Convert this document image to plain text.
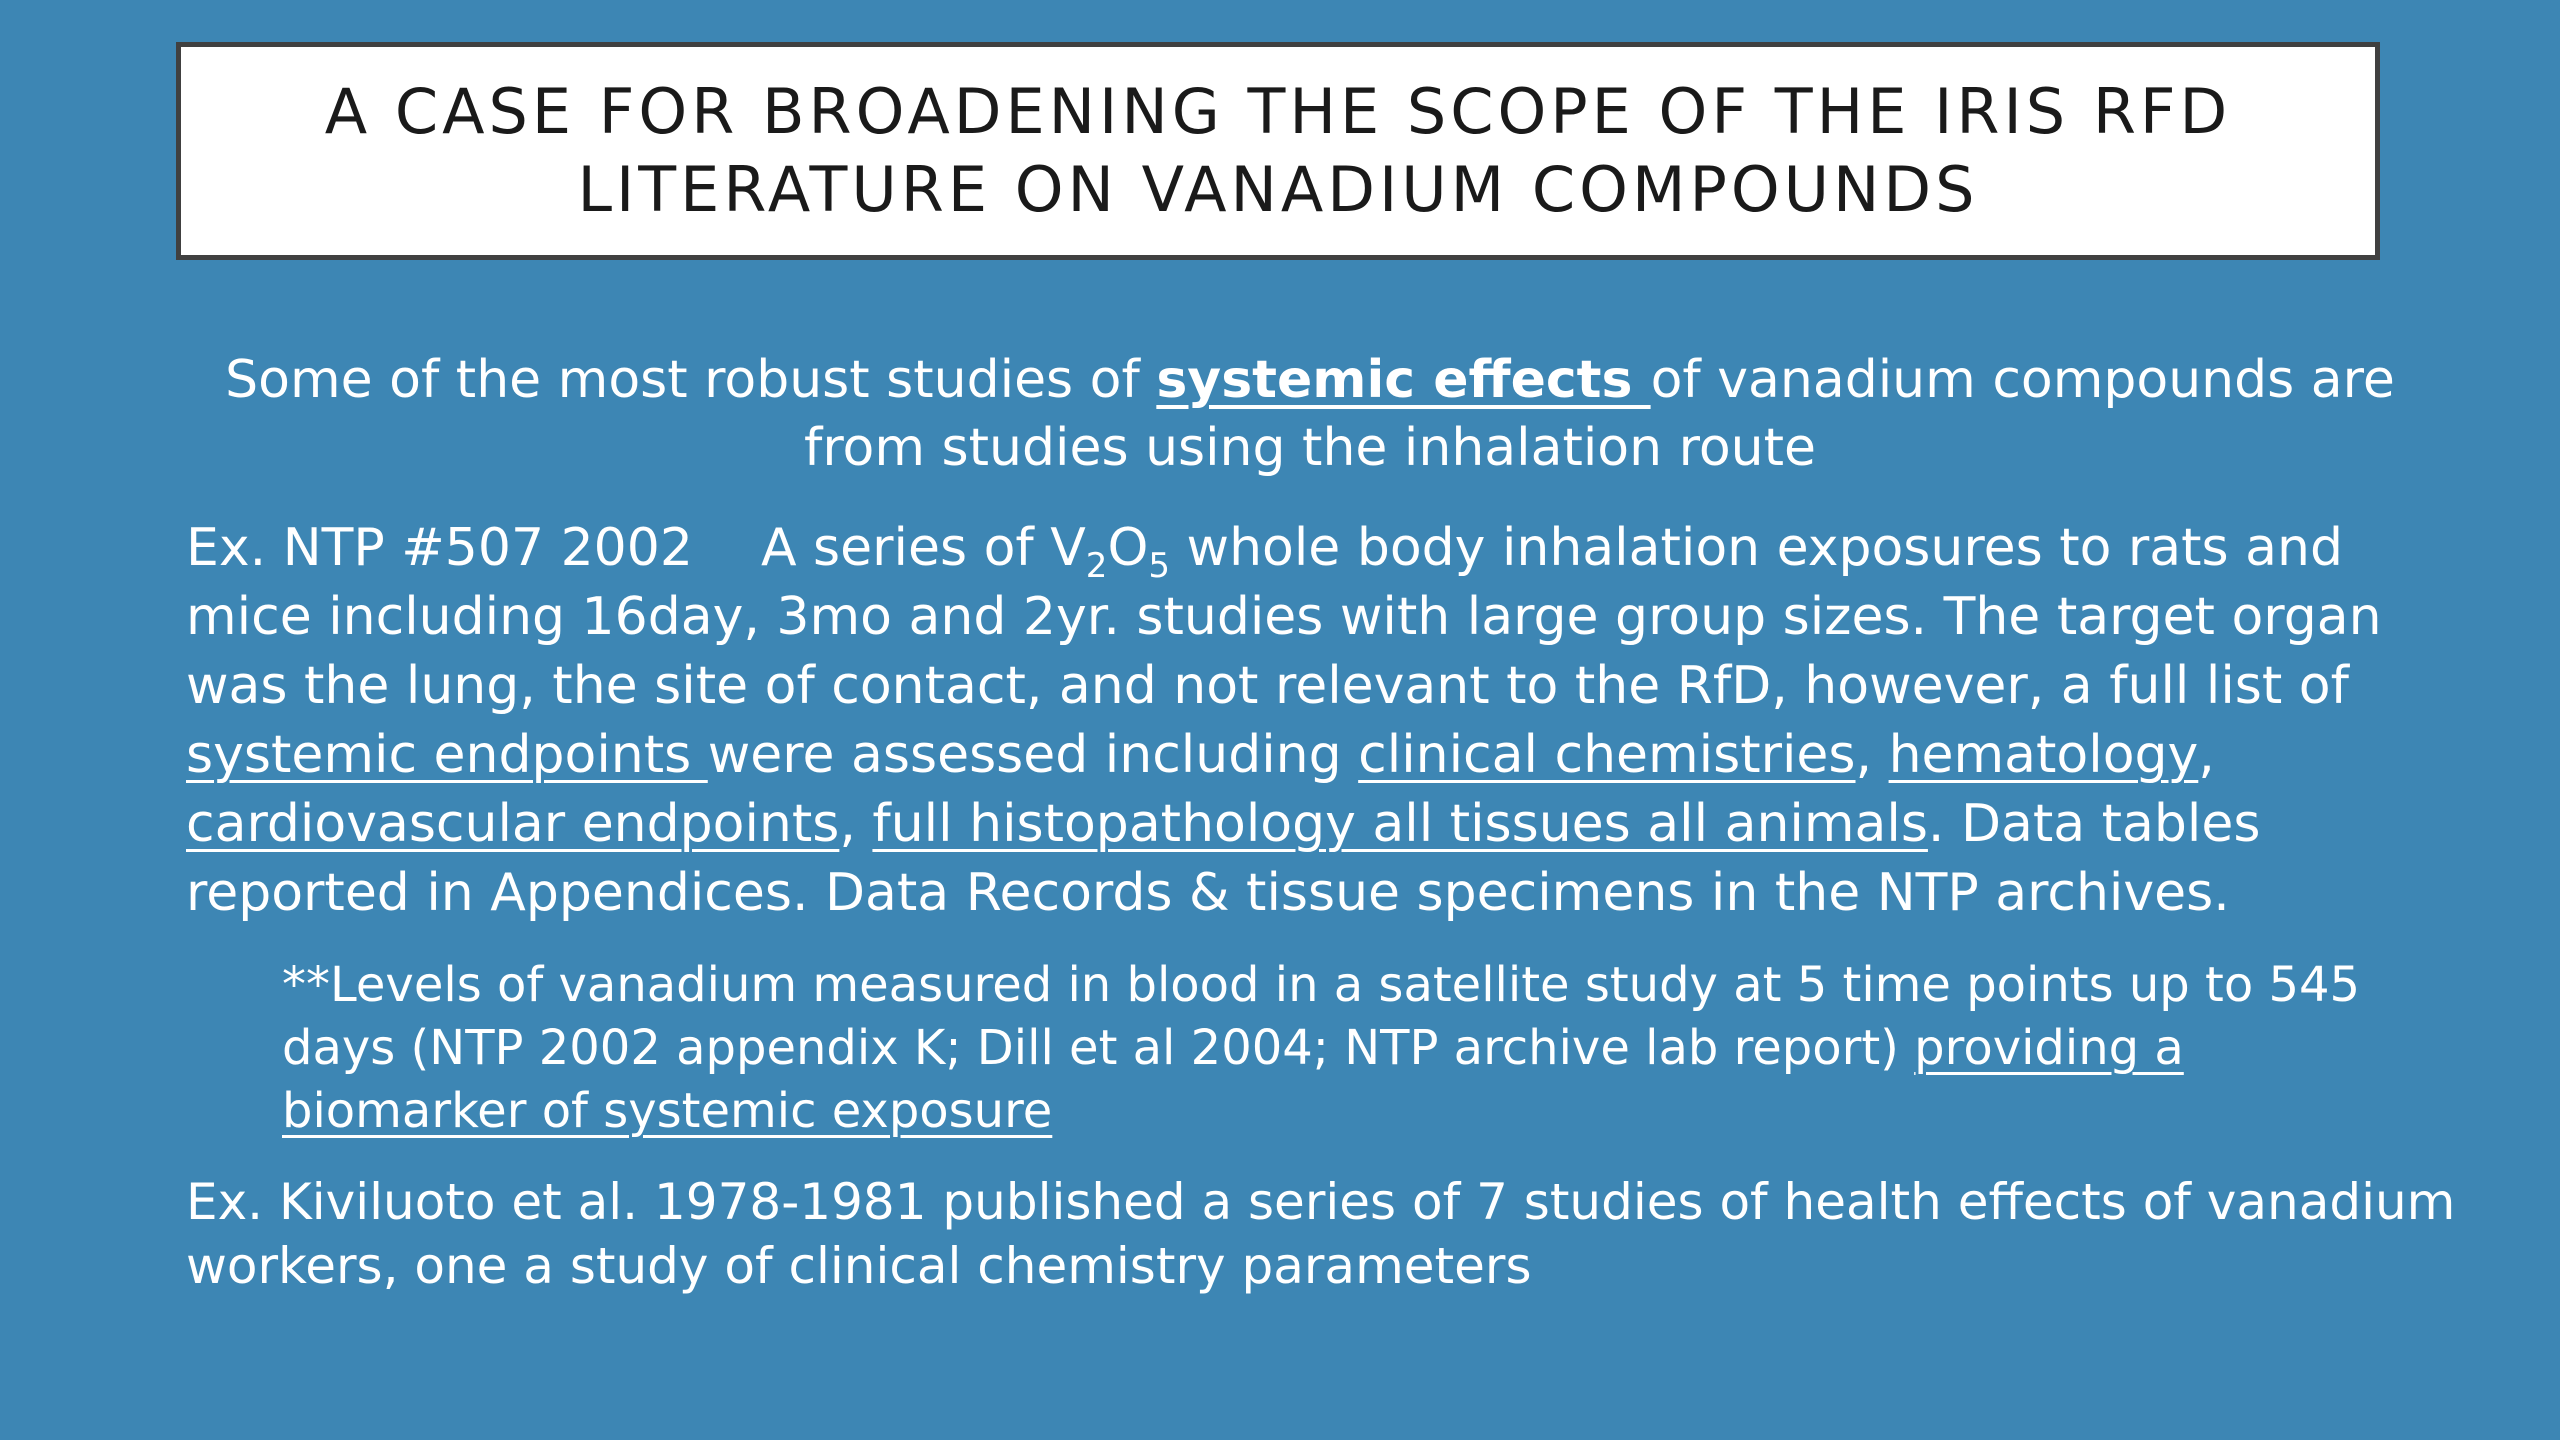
A CASE FOR BROADENING THE SCOPE OF THE IRIS RFD
LITERATURE ON VANADIUM COMPOUNDS

Some of the most robust studies of systemic effects of vanadium compounds are
from studies using the inhalation route

Ex. NTP #507 2002 A series of $V_2O_5$ whole body inhalation exposures to rats and
mice including 16day, 3mo and 2yr. studies with large group sizes. The target organ
was the lung, the site of contact, and not relevant to the RfD, however, a full list of
systemic endpoints were assessed including clinical chemistries, hematology,
cardiovascular endpoints, full histopathology all tissues all animals. Data tables
reported in Appendices. Data Records & tissue specimens in the NTP archives.

**Levels of vanadium measured in blood in a satellite study at 5 time points up to 545
days (NTP 2002 appendix K; Dill et al 2004; NTP archive lab report) providing a
biomarker of systemic exposure

Ex. Kiviluoto et al. 1978-1981 published a series of 7 studies of health effects of vanadium
workers, one a study of clinical chemistry parameters
